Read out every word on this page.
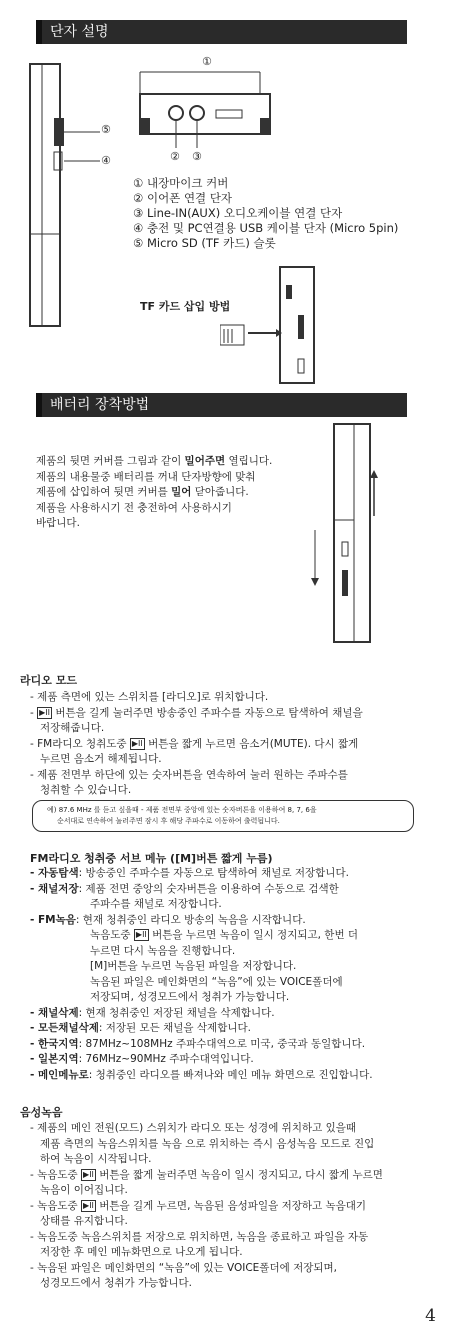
단자 설명
①
⑤
④	② ③
① 내장마이크 커버
② 이어폰 연결 단자
③ Line-IN(AUX) 오디오케이블 연결 단자
④ 충전 및 PC연결용 USB 케이블 단자 (Micro 5pin)
⑤ Micro SD (TF 카드) 슬롯
TF 카드 삽입 방법
배터리 장착방법
제품의 뒷면 커버를 그림과 같이 밀어주면 열립니다.
제품의 내용물중 배터리를 꺼내 단자방향에 맞춰
제품에 삽입하여 뒷면 커버를 밀어 닫아줍니다.
제품을 사용하시기 전 충전하여 사용하시기
바랍니다.
라디오 모드
- 제품 측면에 있는 스위치를 [라디오]로 위치합니다.
- ▶II 버튼을 길게 눌러주면 방송중인 주파수를 자동으로 탐색하여 채널을
저장해줍니다.
- FM라디오 청취도중 ▶II 버튼을 짧게 누르면 음소거(MUTE). 다시 짧게
누르면 음소거 해제됩니다.
- 제품 전면부 하단에 있는 숫자버튼을 연속하여 눌러 원하는 주파수를
청취할 수 있습니다.
예) 87.6 MHz 를 듣고 싶을때 - 제품 전면부 중앙에 있는 숫자버튼을 이용하여 8, 7, 6을
순서대로 연속하여 눌러주면 잠시 후 해당 주파수로 이동하여 출력됩니다.
FM라디오 청취중 서브 메뉴 ([M]버튼 짧게 누름)
- 자동탐색: 방송중인 주파수를 자동으로 탐색하여 채널로 저장합니다.
- 채널저장: 제품 전면 중앙의 숫자버튼을 이용하여 수동으로 검색한
주파수를 채널로 저장합니다.
- FM녹음: 현재 청취중인 라디오 방송의 녹음을 시작합니다.
녹음도중 ▶II 버튼을 누르면 녹음이 일시 정지되고, 한번 더
누르면 다시 녹음을 진행합니다.
[M]버튼을 누르면 녹음된 파일을 저장합니다.
녹음된 파일은 메인화면의 “녹음”에 있는 VOICE폴더에
저장되며, 성경모드에서 청취가 가능합니다.
- 채널삭제: 현재 청취중인 저장된 채널을 삭제합니다.
- 모든채널삭제: 저장된 모든 채널을 삭제합니다.
- 한국지역: 87MHz~108MHz 주파수대역으로 미국, 중국과 동일합니다.
- 일본지역: 76MHz~90MHz 주파수대역입니다.
- 메인메뉴로: 청취중인 라디오를 빠져나와 메인 메뉴 화면으로 진입합니다.
음성녹음
- 제품의 메인 전원(모드) 스위치가 라디오 또는 성경에 위치하고 있을때
제품 측면의 녹음스위치를 녹음 으로 위치하는 즉시 음성녹음 모드로 진입
하여 녹음이 시작됩니다.
- 녹음도중 ▶II 버튼을 짧게 눌러주면 녹음이 일시 정지되고, 다시 짧게 누르면
녹음이 이어집니다.
- 녹음도중 ▶II 버튼을 길게 누르면, 녹음된 음성파일을 저장하고 녹음대기
상태를 유지합니다.
- 녹음도중 녹음스위치를 저장으로 위치하면, 녹음을 종료하고 파일을 자동
저장한 후 메인 메뉴화면으로 나오게 됩니다.
- 녹음된 파일은 메인화면의 “녹음”에 있는 VOICE폴더에 저장되며,
성경모드에서 청취가 가능합니다.
4
